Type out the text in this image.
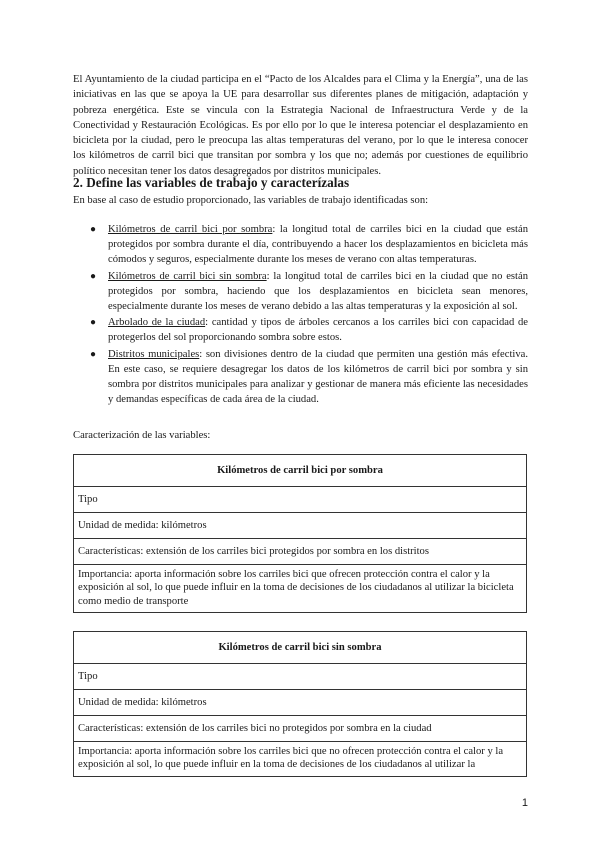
El Ayuntamiento de la ciudad participa en el “Pacto de los Alcaldes para el Clima y la Energía”, una de las iniciativas en las que se apoya la UE para desarrollar sus diferentes planes de mitigación, adaptación y pobreza energética. Este se vincula con la Estrategia Nacional de Infraestructura Verde y de la Conectividad y Restauración Ecológicas. Es por ello por lo que le interesa potenciar el desplazamiento en bicicleta por la ciudad, pero le preocupa las altas temperaturas del verano, por lo que le interesa conocer los kilómetros de carril bici que transitan por sombra y los que no; además por cuestiones de equilibrio político necesitan tener los datos desagregados por distritos municipales.

2. Define las variables de trabajo y caracterízalas
En base al caso de estudio proporcionado, las variables de trabajo identificadas son:
● Kilómetros de carril bici por sombra: la longitud total de carriles bici en la ciudad que están protegidos por sombra durante el día, contribuyendo a hacer los desplazamientos en bicicleta más cómodos y seguros, especialmente durante los meses de verano con altas temperaturas.
● Kilómetros de carril bici sin sombra: la longitud total de carriles bici en la ciudad que no están protegidos por sombra, haciendo que los desplazamientos en bicicleta sean menores, especialmente durante los meses de verano debido a las altas temperaturas y la exposición al sol.
● Arbolado de la ciudad: cantidad y tipos de árboles cercanos a los carriles bici con capacidad de protegerlos del sol proporcionando sombra sobre estos.
● Distritos municipales: son divisiones dentro de la ciudad que permiten una gestión más efectiva. En este caso, se requiere desagregar los datos de los kilómetros de carril bici por sombra y sin sombra por distritos municipales para analizar y gestionar de manera más eficiente las necesidades y demandas específicas de cada área de la ciudad.
Caracterización de las variables:
Kilómetros de carril bici por sombra
Tipo
Unidad de medida: kilómetros
Características: extensión de los carriles bici protegidos por sombra en los distritos
Importancia: aporta información sobre los carriles bici que ofrecen protección contra el calor y la exposición al sol, lo que puede influir en la toma de decisiones de los ciudadanos al utilizar la bicicleta como medio de transporte
Kilómetros de carril bici sin sombra
Tipo
Unidad de medida: kilómetros
Características: extensión de los carriles bici no protegidos por sombra en la ciudad
Importancia: aporta información sobre los carriles bici que no ofrecen protección contra el calor y la exposición al sol, lo que puede influir en la toma de decisiones de los ciudadanos al utilizar la
1
